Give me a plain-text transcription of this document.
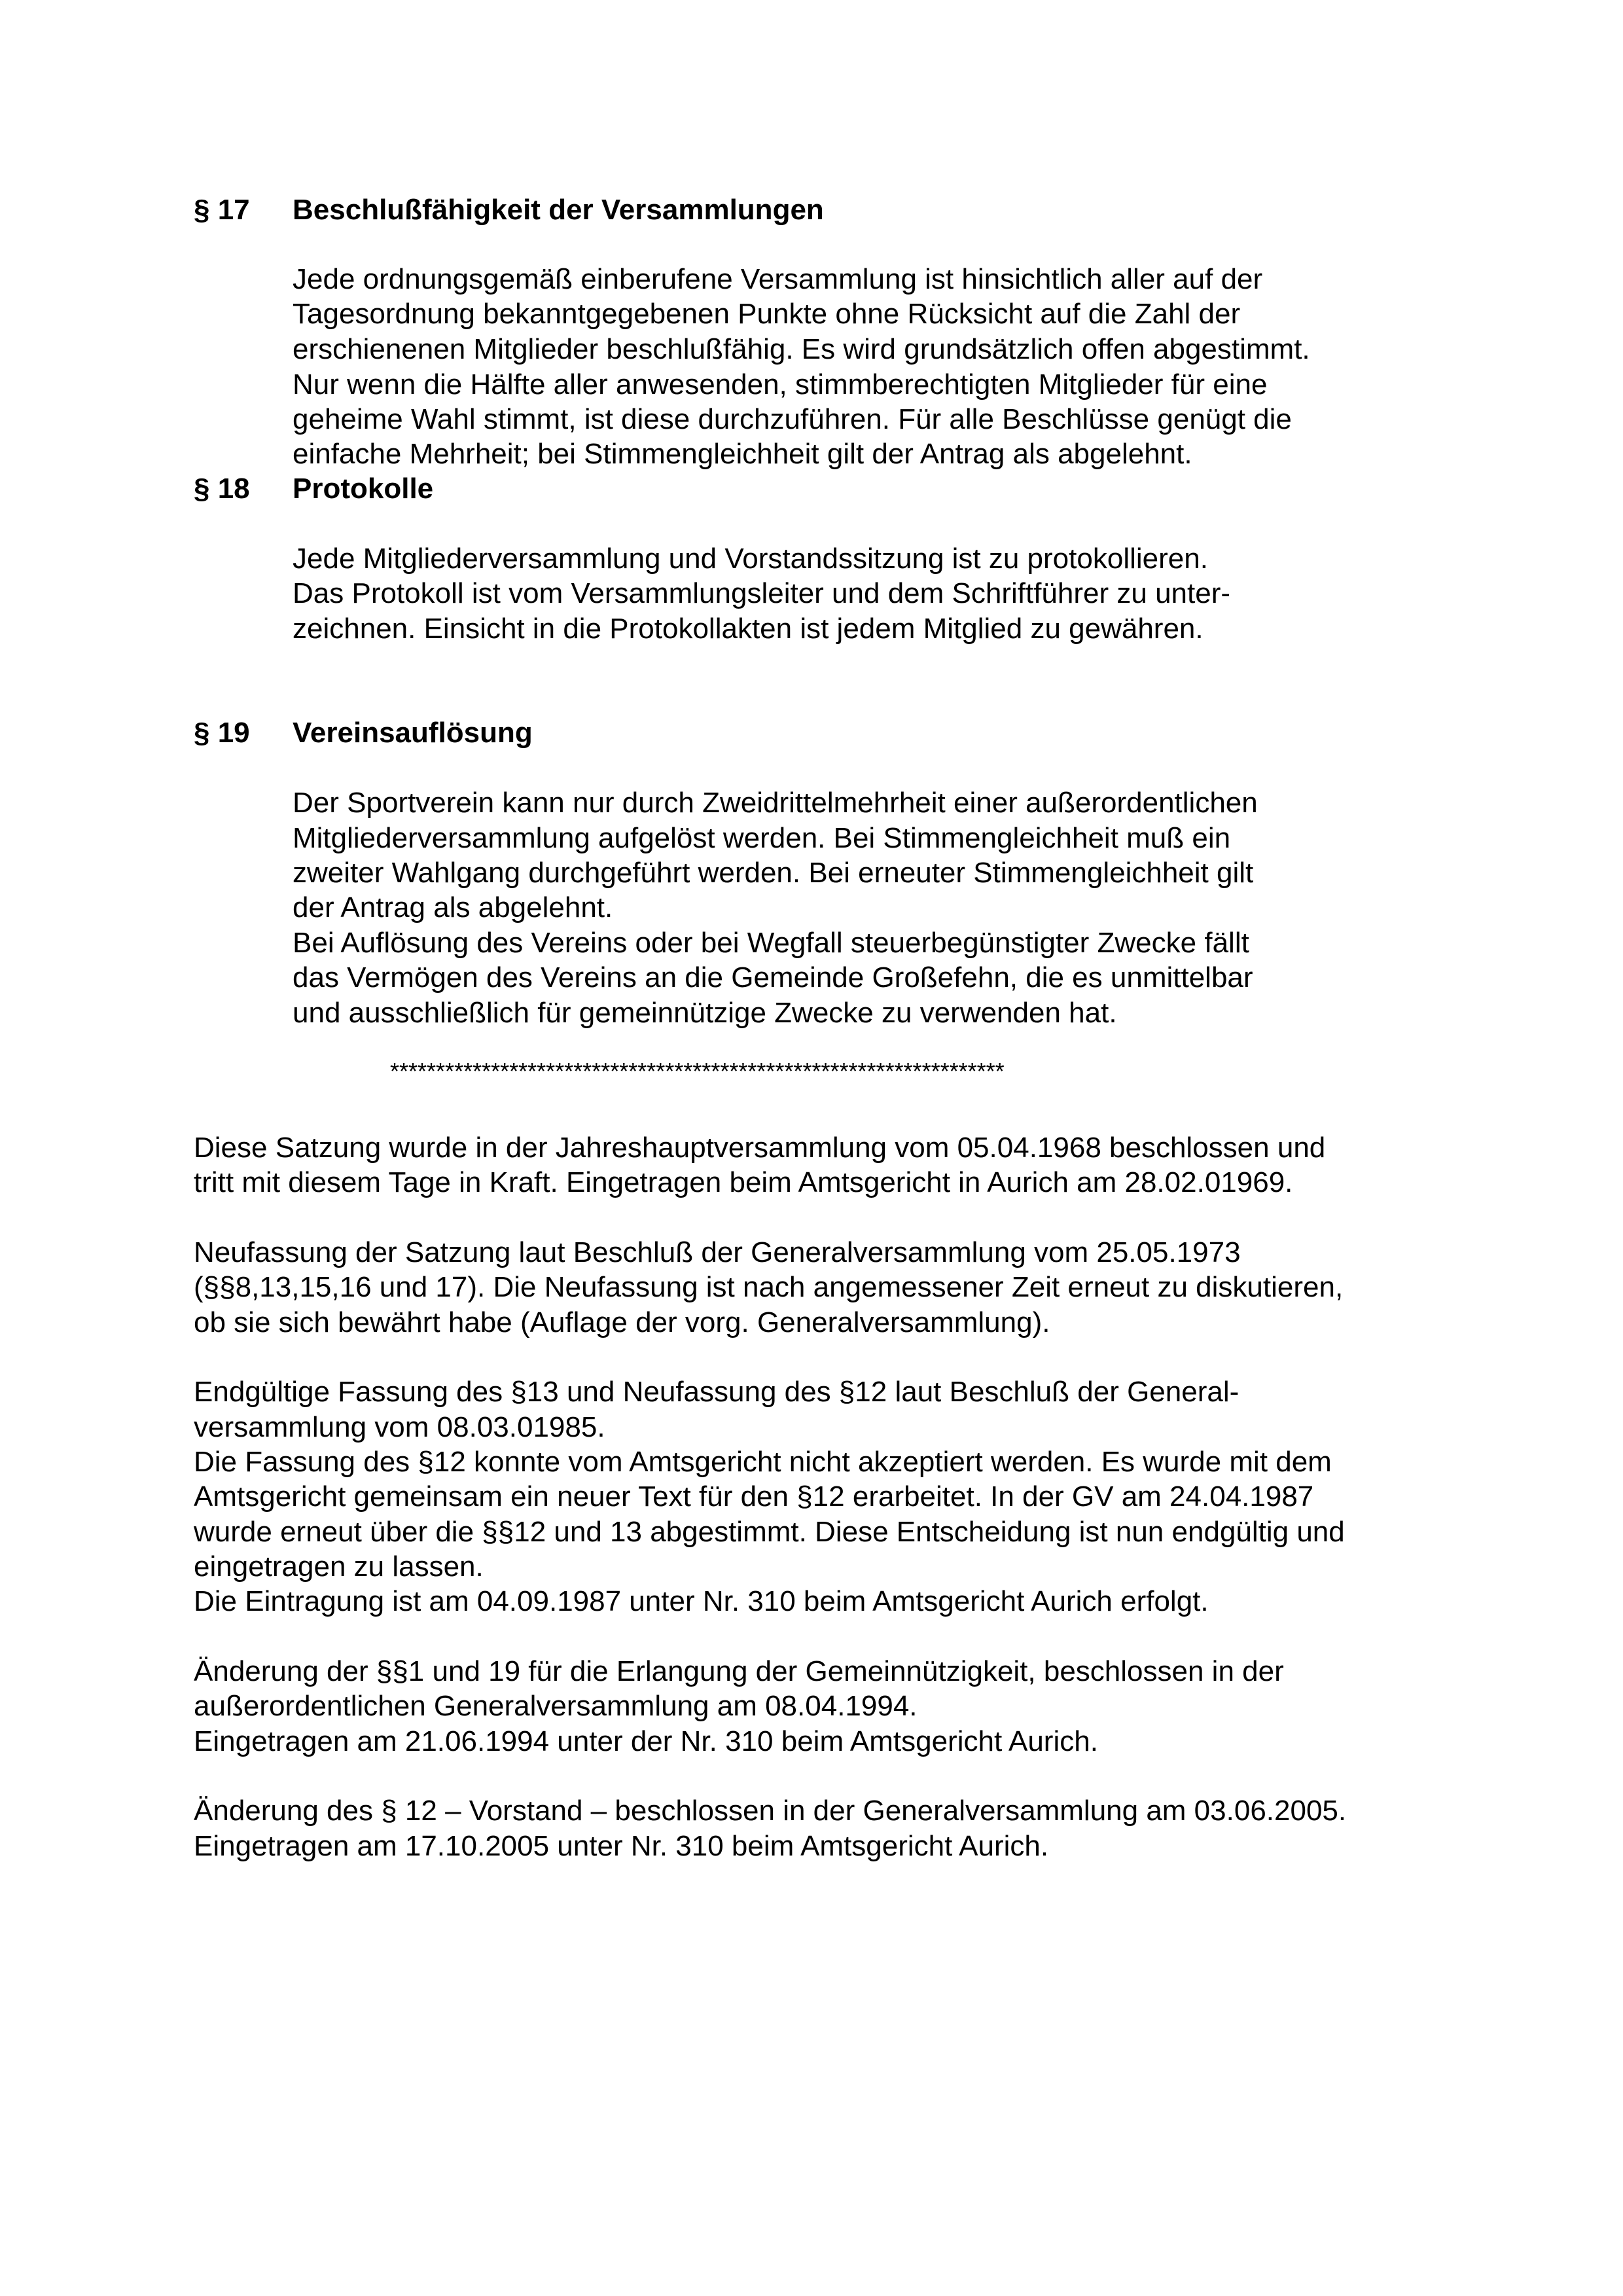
§ 17 Beschlußfähigkeit der Versammlungen
Jede ordnungsgemäß einberufene Versammlung ist hinsichtlich aller auf der
Tagesordnung bekanntgegebenen Punkte ohne Rücksicht auf die Zahl der
erschienenen Mitglieder beschlußfähig. Es wird grundsätzlich offen abgestimmt.
Nur wenn die Hälfte aller anwesenden, stimmberechtigten Mitglieder für eine
geheime Wahl stimmt, ist diese durchzuführen. Für alle Beschlüsse genügt die
einfache Mehrheit; bei Stimmengleichheit gilt der Antrag als abgelehnt.
§ 18 Protokolle
Jede Mitgliederversammlung und Vorstandssitzung ist zu protokollieren.
Das Protokoll ist vom Versammlungsleiter und dem Schriftführer zu unter-
zeichnen. Einsicht in die Protokollakten ist jedem Mitglied zu gewähren.
§ 19 Vereinsauflösung
Der Sportverein kann nur durch Zweidrittelmehrheit einer außerordentlichen
Mitgliederversammlung aufgelöst werden. Bei Stimmengleichheit muß ein
zweiter Wahlgang durchgeführt werden. Bei erneuter Stimmengleichheit gilt
der Antrag als abgelehnt.
Bei Auflösung des Vereins oder bei Wegfall steuerbegünstigter Zwecke fällt
das Vermögen des Vereins an die Gemeinde Großefehn, die es unmittelbar
und ausschließlich für gemeinnützige Zwecke zu verwenden hat.
*******************************************************************
Diese Satzung wurde in der Jahreshauptversammlung vom 05.04.1968 beschlossen und
tritt mit diesem Tage in Kraft. Eingetragen beim Amtsgericht in Aurich am 28.02.01969.
Neufassung der Satzung laut Beschluß der Generalversammlung vom 25.05.1973
(§§8,13,15,16 und 17). Die Neufassung ist nach angemessener Zeit erneut zu diskutieren,
ob sie sich bewährt habe (Auflage der vorg. Generalversammlung).
Endgültige Fassung des §13 und Neufassung des §12 laut Beschluß der General-
versammlung vom 08.03.01985.
Die Fassung des §12 konnte vom Amtsgericht nicht akzeptiert werden. Es wurde mit dem
Amtsgericht gemeinsam ein neuer Text für den §12 erarbeitet. In der GV am 24.04.1987
wurde erneut über die §§12 und 13 abgestimmt. Diese Entscheidung ist nun endgültig und
eingetragen zu lassen.
Die Eintragung ist am 04.09.1987 unter Nr. 310 beim Amtsgericht Aurich erfolgt.
Änderung der §§1 und 19 für die Erlangung der Gemeinnützigkeit, beschlossen in der
außerordentlichen Generalversammlung am 08.04.1994.
Eingetragen am 21.06.1994 unter der Nr. 310 beim Amtsgericht Aurich.
Änderung des § 12 – Vorstand – beschlossen in der Generalversammlung am 03.06.2005.
Eingetragen am 17.10.2005 unter Nr. 310 beim Amtsgericht Aurich.
